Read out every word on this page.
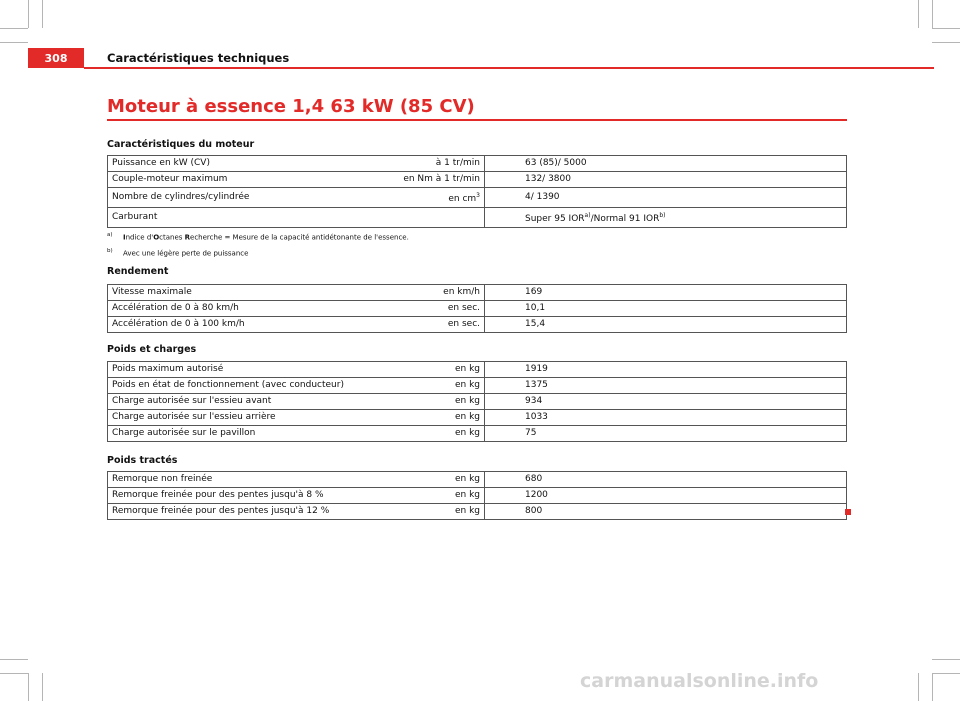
308	Caractéristiques techniques
Moteur à essence 1,4 63 kW (85 CV)
Caractéristiques du moteur
Puissance en kW (CV)	à 1 tr/min	63 (85)/ 5000
Couple-moteur maximum	en Nm à 1 tr/min	132/ 3800
Nombre de cylindres/cylindrée	en $cm^3$	4/ 1390
Carburant		Super 95 IOR$^{a)}$/Normal 91 IOR$^{b)}$
$^{a)}$ Indice d'Octanes Recherche = Mesure de la capacité antidétonante de l'essence.
$^{b)}$ Avec une légère perte de puissance
Rendement
Vitesse maximale	en km/h	169
Accélération de 0 à 80 km/h	en sec.	10,1
Accélération de 0 à 100 km/h	en sec.	15,4
Poids et charges
Poids maximum autorisé	en kg	1919
Poids en état de fonctionnement (avec conducteur)	en kg	1375
Charge autorisée sur l'essieu avant	en kg	934
Charge autorisée sur l'essieu arrière	en kg	1033
Charge autorisée sur le pavillon	en kg	75
Poids tractés
Remorque non freinée	en kg	680
Remorque freinée pour des pentes jusqu'à 8 %	en kg	1200
Remorque freinée pour des pentes jusqu'à 12 %	en kg	800
carmanualsonline.info
